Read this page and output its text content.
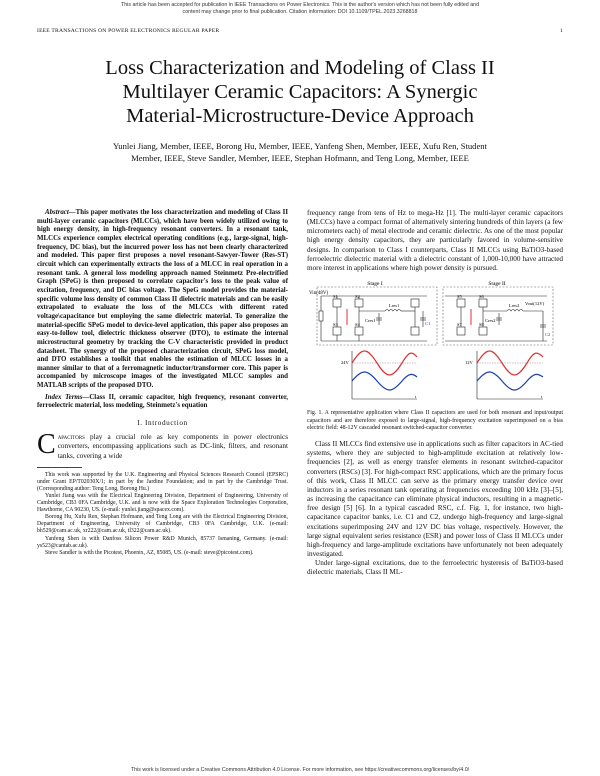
This article has been accepted for publication in IEEE Transactions on Power Electronics. This is the author's version which has not been fully edited and
content may change prior to final publication. Citation information: DOI 10.1109/TPEL.2023.3268818
IEEE TRANSACTIONS ON POWER ELECTRONICS REGULAR PAPER	1
Loss Characterization and Modeling of Class II
Multilayer Ceramic Capacitors: A Synergic
Material-Microstructure-Device Approach
Yunlei Jiang, Member, IEEE, Borong Hu, Member, IEEE, Yanfeng Shen, Member, IEEE, Xufu Ren, Student
Member, IEEE, Steve Sandler, Member, IEEE, Stephan Hofmann, and Teng Long, Member, IEEE

Abstract—This paper motivates the loss characterization and modeling of Class II multi-layer ceramic capacitors (MLCCs), which have been widely utilized owing to high energy density, in high-frequency resonant converters. In a resonant tank, MLCCs experience complex electrical operating conditions (e.g., large-signal, high-frequency, DC bias), but the incurred power loss has not been clearly characterized and modeled. This paper first proposes a novel resonant-Sawyer-Tower (Res-ST) circuit which can experimentally extracts the loss of a MLCC in real operation in a resonant tank. A general loss modeling approach named Steinmetz Pre-electrified Graph (SPeG) is then proposed to correlate capacitor's loss to the peak value of excitation, frequency, and DC bias voltage. The SpeG model provides the material-specific volume loss density of common Class II dielectric materials and can be easily extrapolated to evaluate the loss of the MLCCs with different rated voltage\capacitance but employing the same dielectric material. To generalize the material-specific SPeG model to device-level application, this paper also proposes an easy-to-follow tool, dielectric thickness observer (DTO), to estimate the internal microstructural geometry by tracking the C-V characteristic provided in product datasheet. The synergy of the proposed characterization circuit, SPeG loss model, and DTO establishes a toolkit that enables the estimation of MLCC losses in a manner similar to that of a ferromagnetic inductor/transformer core. This paper is accompanied by microscope images of the investigated MLCC samples and MATLAB scripts of the proposed DTO.

Index Terms—Class II, ceramic capacitor, high frequency, resonant converter, ferroelectric material, loss modeling, Steinmetz's equation

I. Introduction

Capacitors play a crucial role as key components in power electronics converters, encompassing applications such as DC-link, filters, and resonant tanks, covering a wide

This work was supported by the U.K. Engineering and Physical Sciences Research Council (EPSRC) under Grant EP/T02030X/1; in part by the Jardine Foundation; and in part by the Cambridge Trust. (Corresponding author: Teng Long, Borong Hu.)

Yunlei Jiang was with the Electrical Engineering Division, Department of Engineering, University of Cambridge, CB3 0FA Cambridge, U.K. and is now with the Space Exploration Technologies Corporation, Hawthorne, CA 90230, US. (e-mail: yunlei.jiang@spacex.com).

Borong Hu, Xufu Ren, Stephan Hofmann, and Teng Long are with the Electrical Engineering Division, Department of Engineering, University of Cambridge, CB3 0FA Cambridge, U.K. (e-mail: bh529@cam.ac.uk, xr222@cam.ac.uk, tl322@cam.ac.uk).

Yanfeng Shen is with Danfoss Silicon Power R&D Munich, 85737 Ismaning, Germany. (e-mail: ys523@cantab.ac.uk).

Steve Sandler is with the Picotest, Phoenix, AZ, 85085, US. (e-mail: steve@picotest.com).

frequency range from tens of Hz to mega-Hz [1]. The multi-layer ceramic capacitors (MLCCs) have a compact format of alternatively sintering hundreds of thin layers (a few micrometers each) of metal electrode and ceramic dielectric. As one of the most popular high energy density capacitors, they are particularly favored in volume-sensitive designs. In comparison to Class I counterparts, Class II MLCCs using BaTiO3-based ferroelectric dielectric material with a dielectric constant of 1,000-10,000 have attracted more interest in applications where high power density is pursued.

Stage I	Stage II
Vin(48V)
S1	S2
S3	S4
Lres1
Cres1
C1
S5	S6
S7	S8
Lres2
Cres2
Vout(12V)
C2
24V
t
12V
t

Fig. 1. A representative application where Class II capacitors are used for both resonant and input/output capacitors and are therefore exposed to large-signal, high-frequency excitation superimposed on a bias electric field: 48-12V cascaded resonant switched-capacitor converter.

Class II MLCCs find extensive use in applications such as filter capacitors in AC-tied systems, where they are subjected to high-amplitude excitation at relatively low-frequencies [2], as well as energy transfer elements in resonant switched-capacitor converters (RSCs) [3]. For high-compact RSC applications, which are the primary focus of this work, Class II MLCC can serve as the primary energy transfer device over inductors in a series resonant tank operating at frequencies exceeding 100 kHz [3]–[5], as increasing the capacitance can eliminate physical inductors, resulting in a magnetic-free design [5] [6]. In a typical cascaded RSC, c.f. Fig. 1, for instance, two high-capacitance capacitor banks, i.e. C1 and C2, undergo high-frequency and large-signal excitations superimposing 24V and 12V DC bias voltage, respectively. However, the large signal equivalent series resistance (ESR) and power loss of Class II MLCCs under high-frequency and large-amplitude excitations have unfortunately not been adequately investigated.

Under large-signal excitations, due to the ferroelectric hysteresis of BaTiO3-based dielectric materials, Class II ML-

This work is licensed under a Creative Commons Attribution 4.0 License. For more information, see https://creativecommons.org/licenses/by/4.0/
